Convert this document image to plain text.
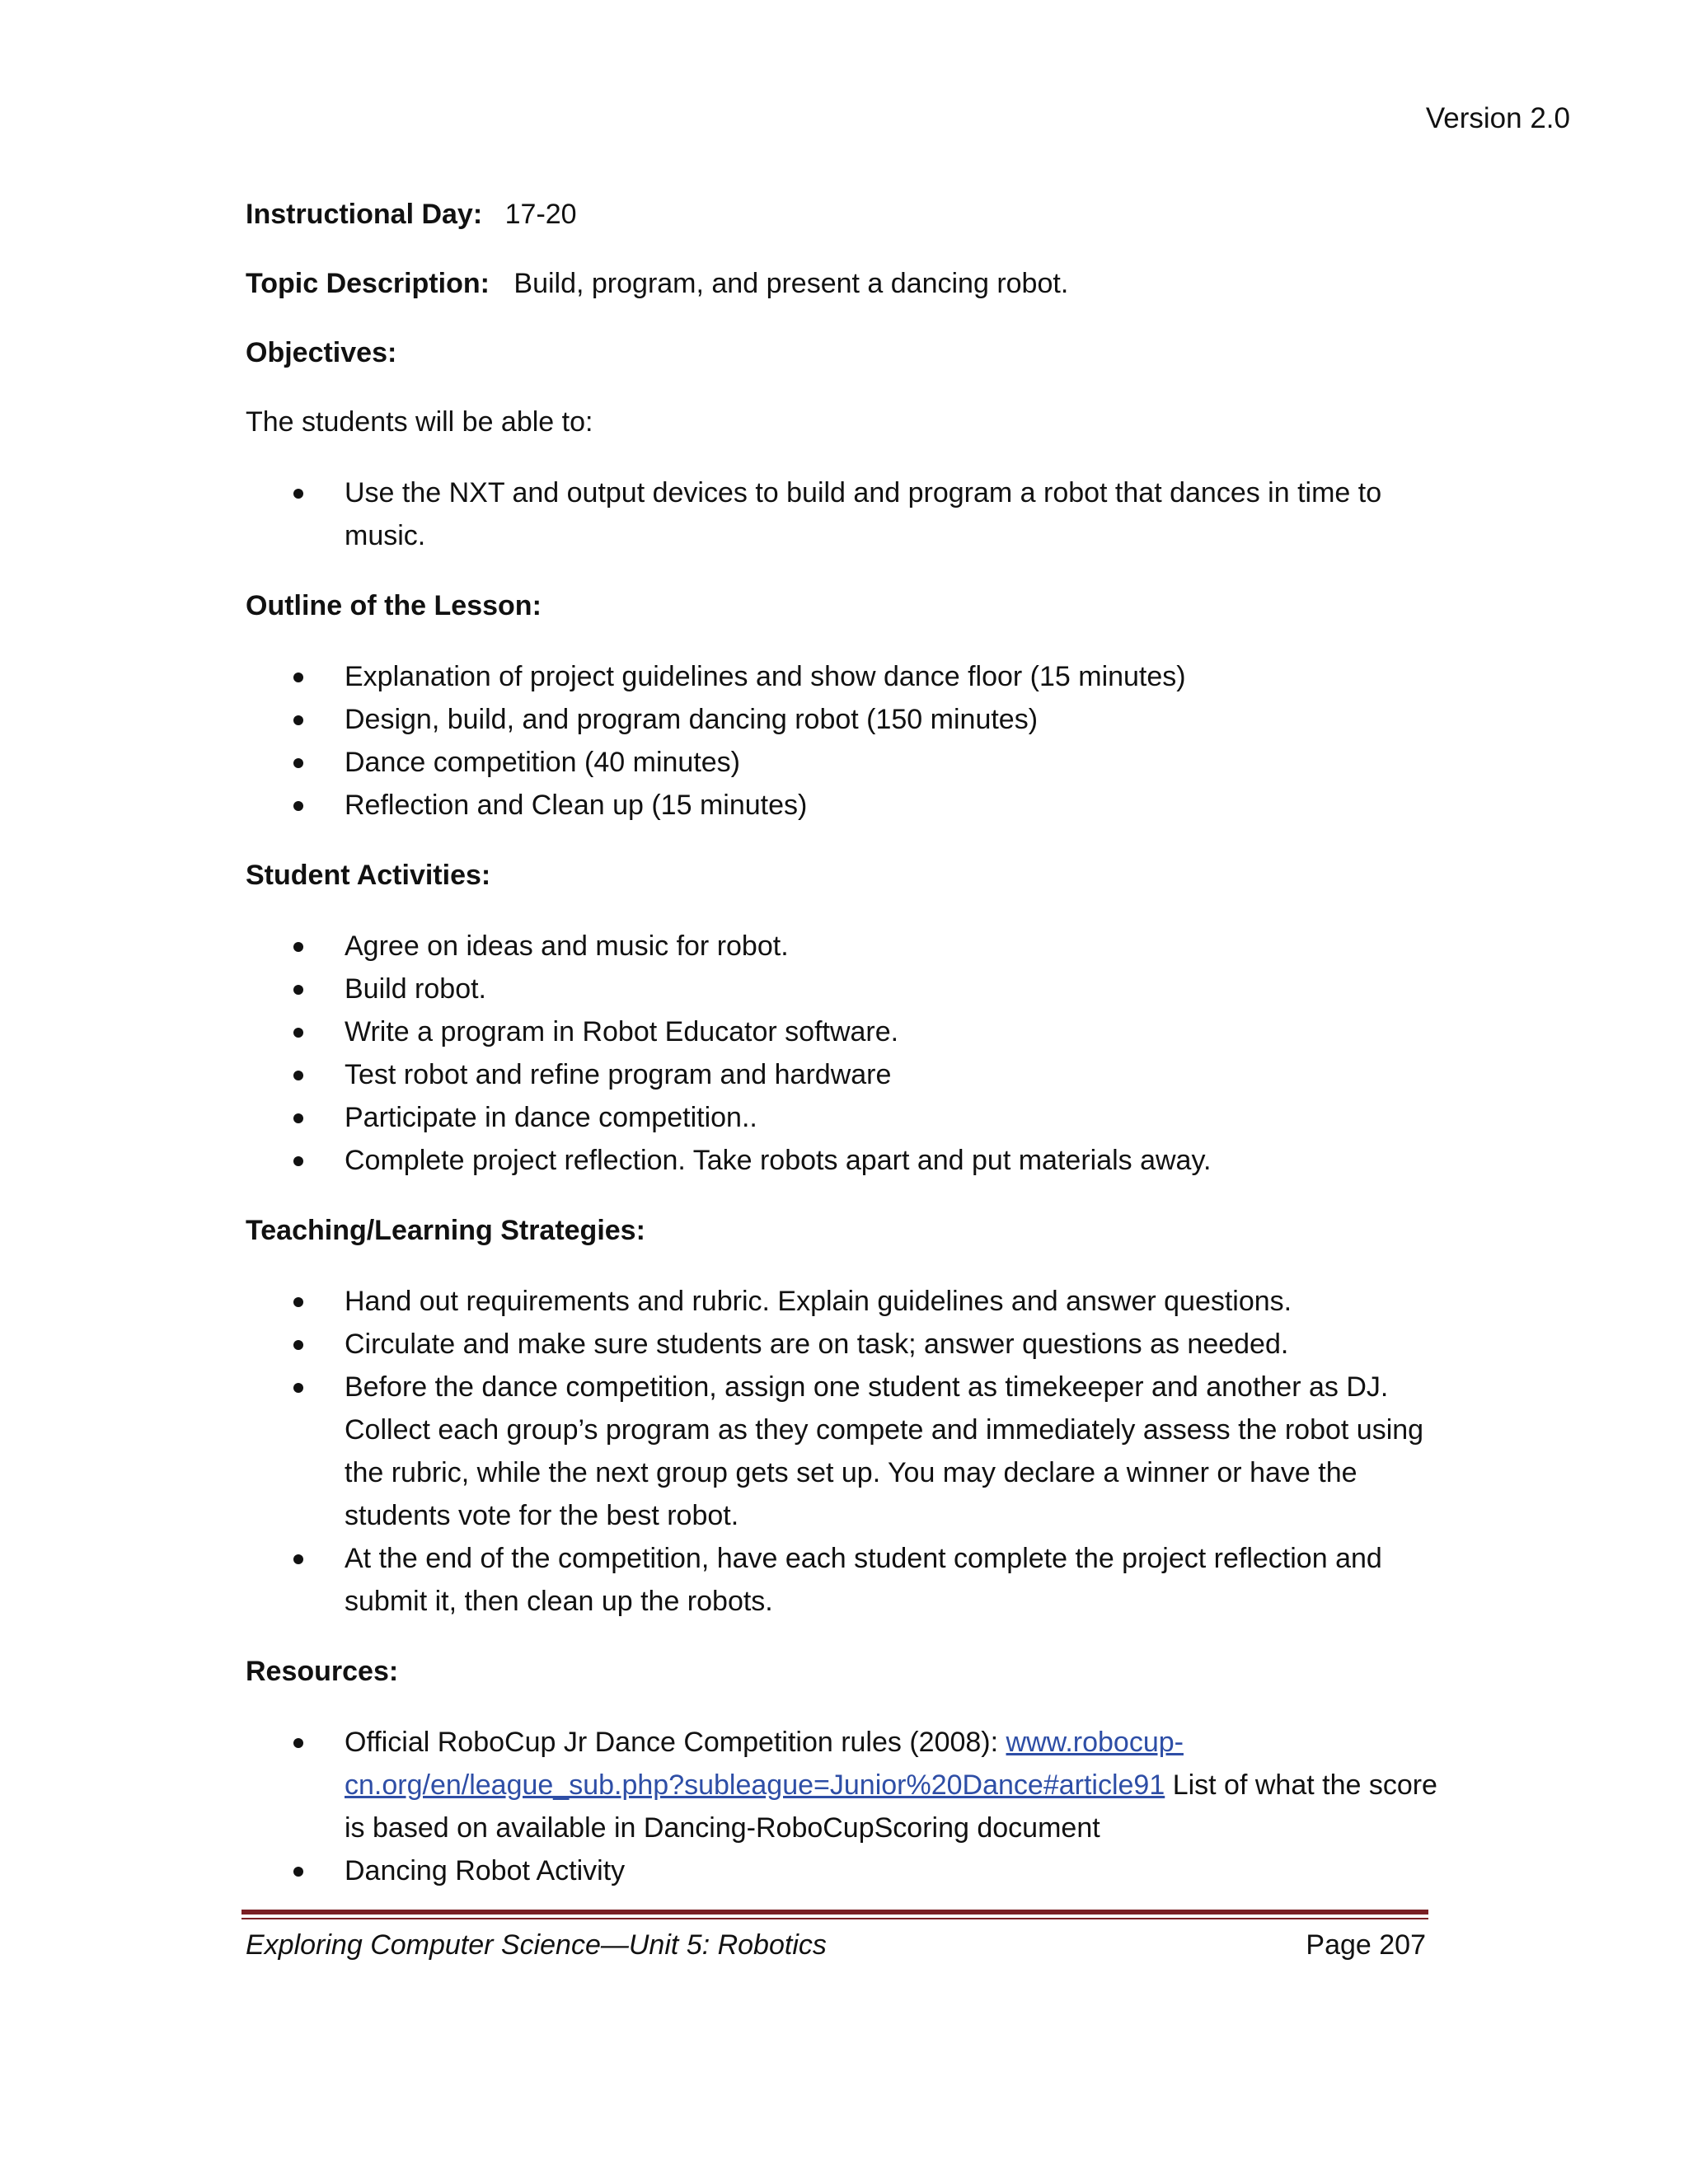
Version 2.0
Instructional Day: 17-20
Topic Description: Build, program, and present a dancing robot.
Objectives:
The students will be able to:
Use the NXT and output devices to build and program a robot that dances in time to music.
Outline of the Lesson:
Explanation of project guidelines and show dance floor (15 minutes)
Design, build, and program dancing robot (150 minutes)
Dance competition (40 minutes)
Reflection and Clean up (15 minutes)
Student Activities:
Agree on ideas and music for robot.
Build robot.
Write a program in Robot Educator software.
Test robot and refine program and hardware
Participate in dance competition..
Complete project reflection. Take robots apart and put materials away.
Teaching/Learning Strategies:
Hand out requirements and rubric. Explain guidelines and answer questions.
Circulate and make sure students are on task; answer questions as needed.
Before the dance competition, assign one student as timekeeper and another as DJ. Collect each group’s program as they compete and immediately assess the robot using the rubric, while the next group gets set up. You may declare a winner or have the students vote for the best robot.
At the end of the competition, have each student complete the project reflection and submit it, then clean up the robots.
Resources:
Official RoboCup Jr Dance Competition rules (2008): www.robocup-cn.org/en/league_sub.php?subleague=Junior%20Dance#article91 List of what the score is based on available in Dancing-RoboCupScoring document
Dancing Robot Activity
Exploring Computer Science—Unit 5: Robotics	Page 207
